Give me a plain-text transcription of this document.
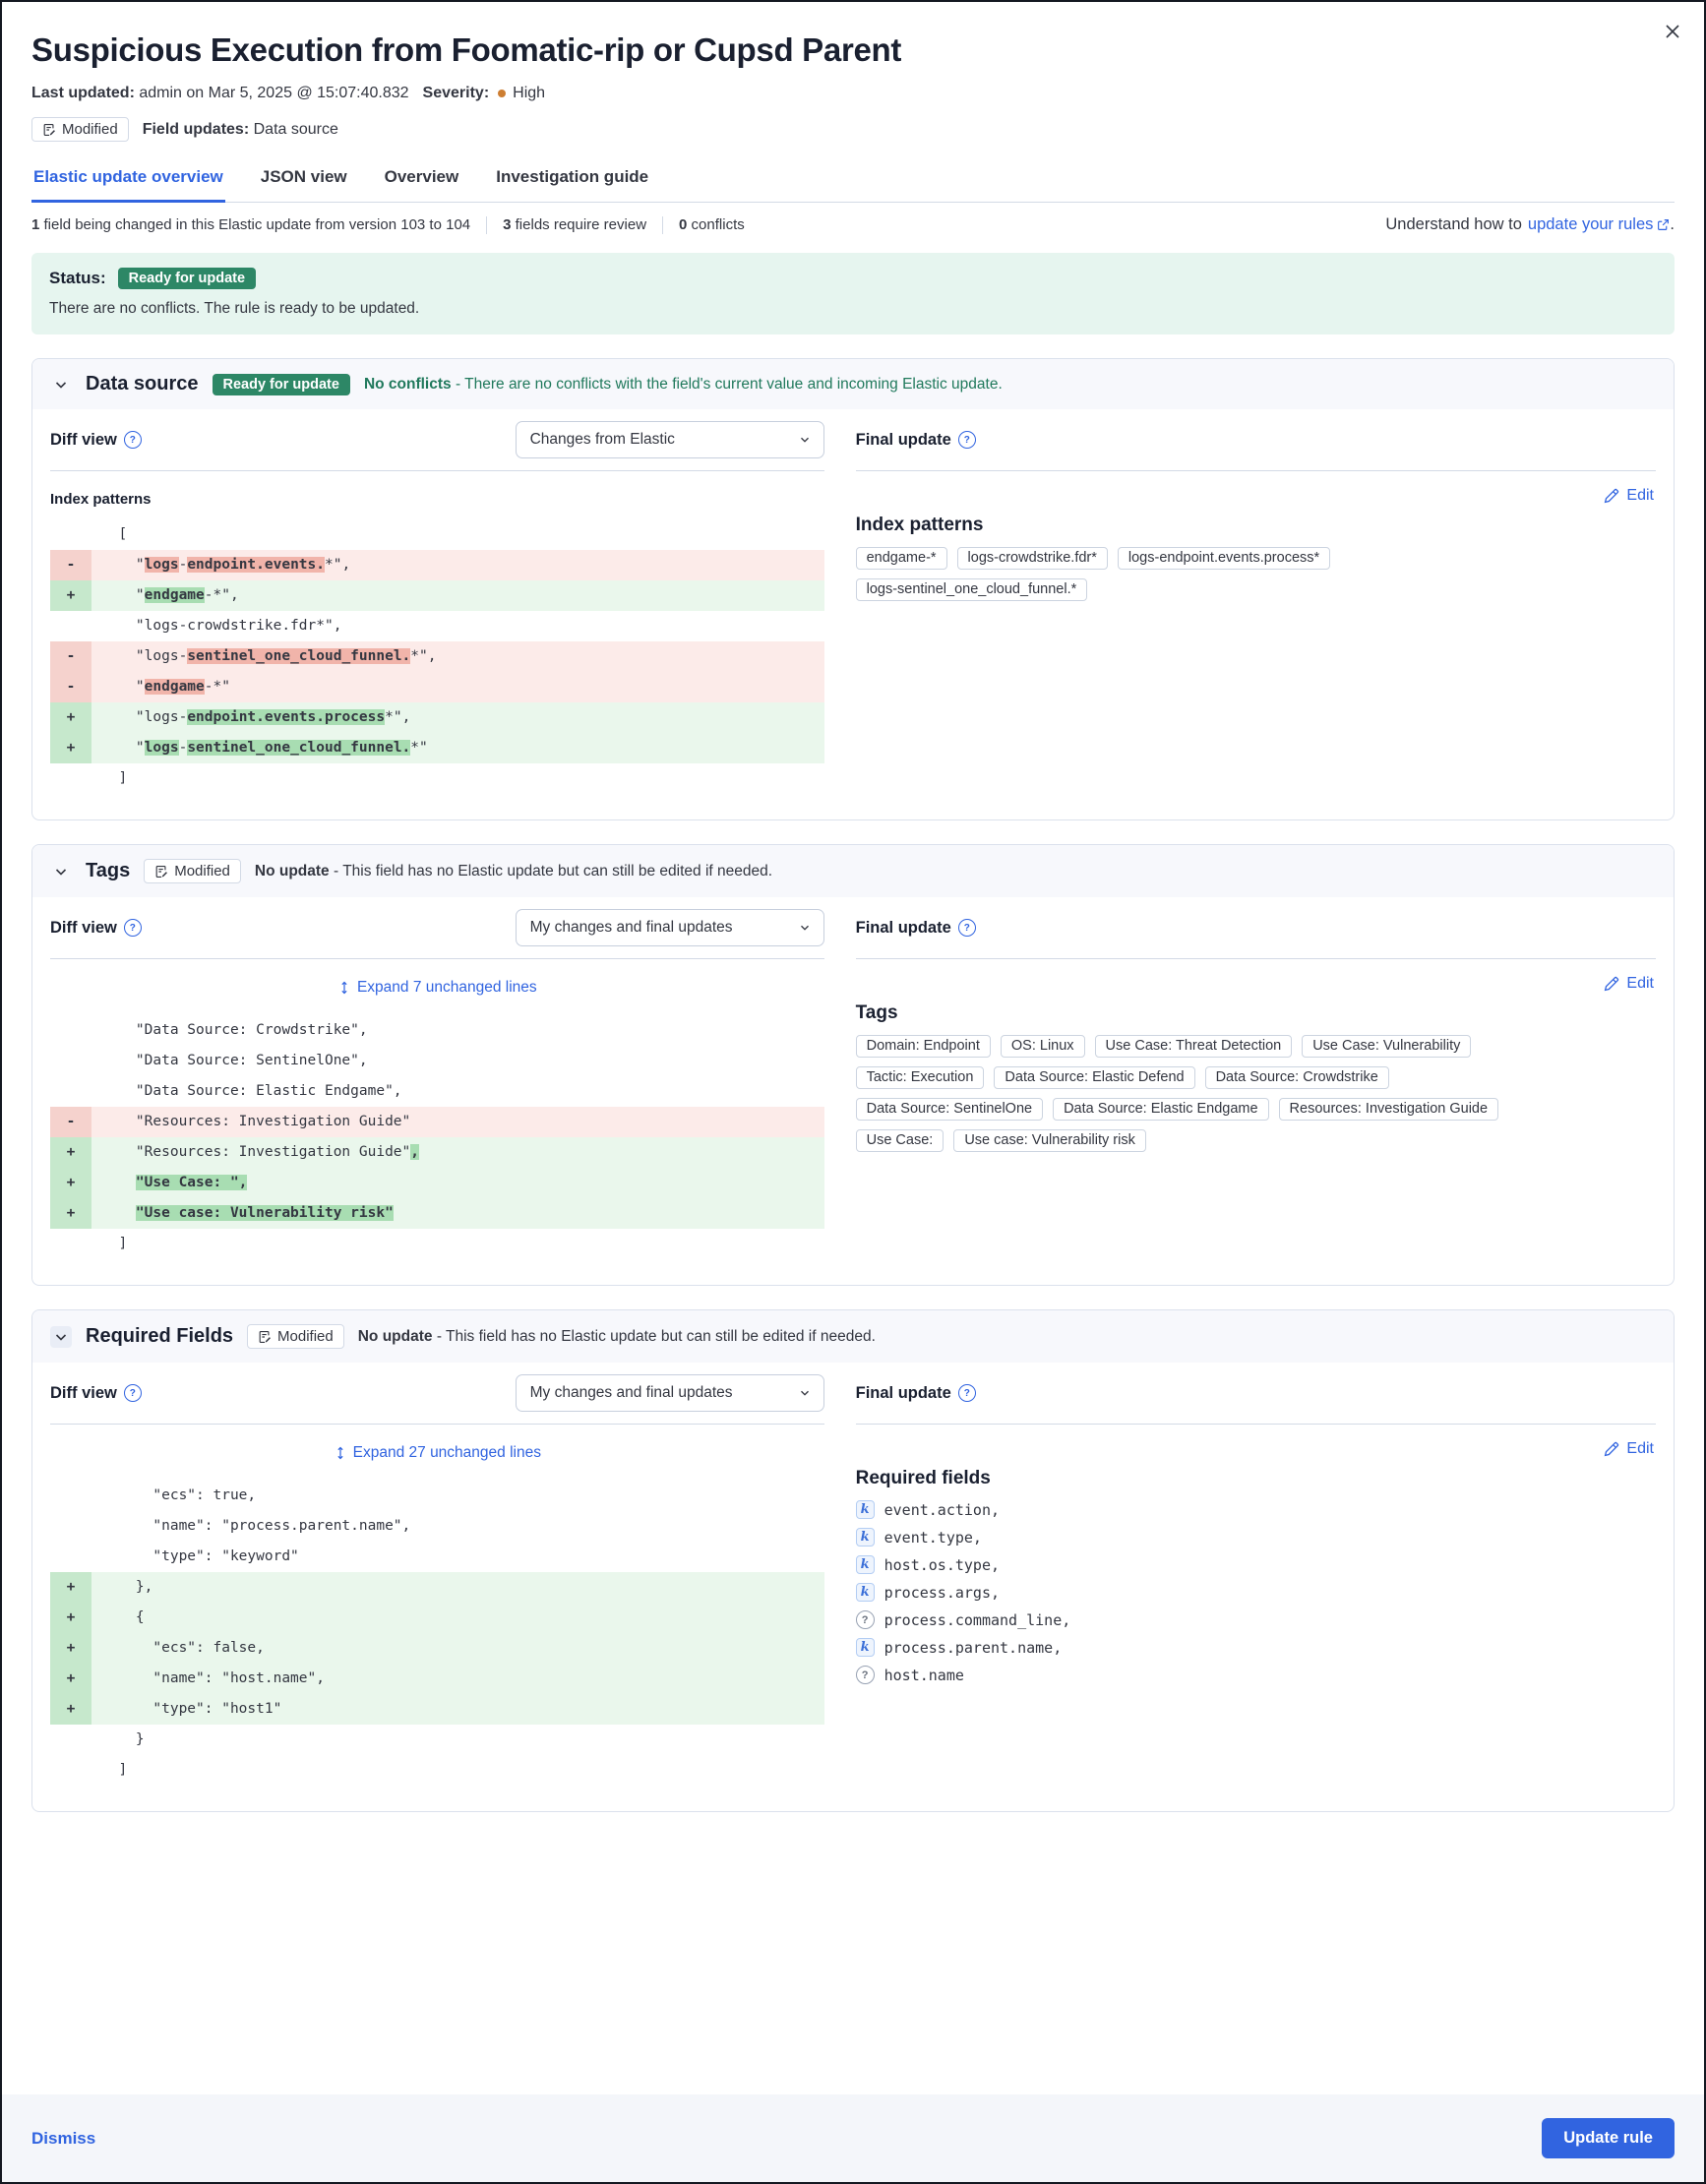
Suspicious Execution from Foomatic-rip or Cupsd Parent
Last updated:
admin on Mar 5, 2025 @ 15:07:40.832 Severity: High
Modified Field updates: Data source
Elastic update overview JSON view Overview Investigation guide
1 field being changed in this Elastic update from version 103 to 104 3 fields require review 0 conflicts	Understand how to update your rules .
Status:	Ready for update
There are no conflicts. The rule is ready to be updated.
Data source	Ready for update	No conflicts - There are no conflicts with the field's current value and incoming Elastic update.
Diff view	?	Changes from Elastic
Index patterns
[
-	"logs-endpoint.events.*",
+	"endgame-*",
"logs-crowdstrike.fdr*",
-	"logs-sentinel_one_cloud_funnel.*",
-	"endgame-*"
+	"logs-endpoint.events.process*",
+	"logs-sentinel_one_cloud_funnel.*"
]
Final update	?
Edit
Index patterns
endgame-*	logs-crowdstrike.fdr*	logs-endpoint.events.process*
logs-sentinel_one_cloud_funnel.*
Tags	Modified No update - This field has no Elastic update but can still be edited if needed.
Diff view	?	My changes and final updates
Expand 7 unchanged lines
"Data Source: Crowdstrike",
"Data Source: SentinelOne",
"Data Source: Elastic Endgame",
-	"Resources: Investigation Guide"
+	"Resources: Investigation Guide",
+	"Use Case: ",
+	"Use case: Vulnerability risk"
]
Final update	?
Edit
Tags
Domain: Endpoint	OS: Linux	Use Case: Threat Detection	Use Case: Vulnerability
Tactic: Execution	Data Source: Elastic Defend	Data Source: Crowdstrike
Data Source: SentinelOne	Data Source: Elastic Endgame	Resources: Investigation Guide
Use Case:	Use case: Vulnerability risk
Required Fields	Modified No update - This field has no Elastic update but can still be edited if needed.
Diff view	?	My changes and final updates
Expand 27 unchanged lines
"ecs": true,
"name": "process.parent.name",
"type": "keyword"
+	},
+	{
+	"ecs": false,
+	"name": "host.name",
+	"type": "host1"
}
]
Final update	?
Edit
Required fields
k	event.action,
k	event.type,
k	host.os.type,
k	process.args,
?	process.command_line,
k	process.parent.name,
?	host.name
Dismiss	Update rule
